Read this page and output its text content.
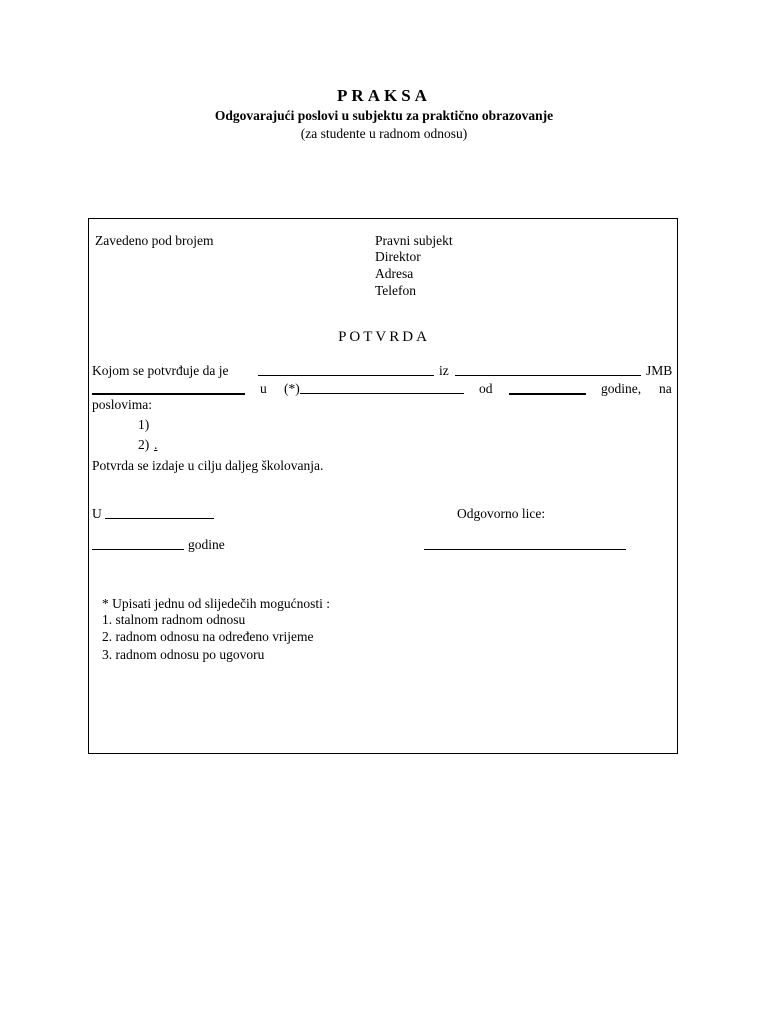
PRAKSA
Odgovarajući poslovi u subjektu za praktično obrazovanje
(za studente u radnom odnosu)
Zavedeno pod brojem	Pravni subjekt
Direktor
Adresa
Telefon
POTVRDA
Kojom se potvrđuje da je	iz	JMB
u (*)	od	godine, na
poslovima:
1)
2) .
Potvrda se izdaje u cilju daljeg školovanja.
U	Odgovorno lice:
godine
* Upisati jednu od slijedečih mogućnosti :
1. stalnom radnom odnosu
2. radnom odnosu na određeno vrijeme
3. radnom odnosu po ugovoru
